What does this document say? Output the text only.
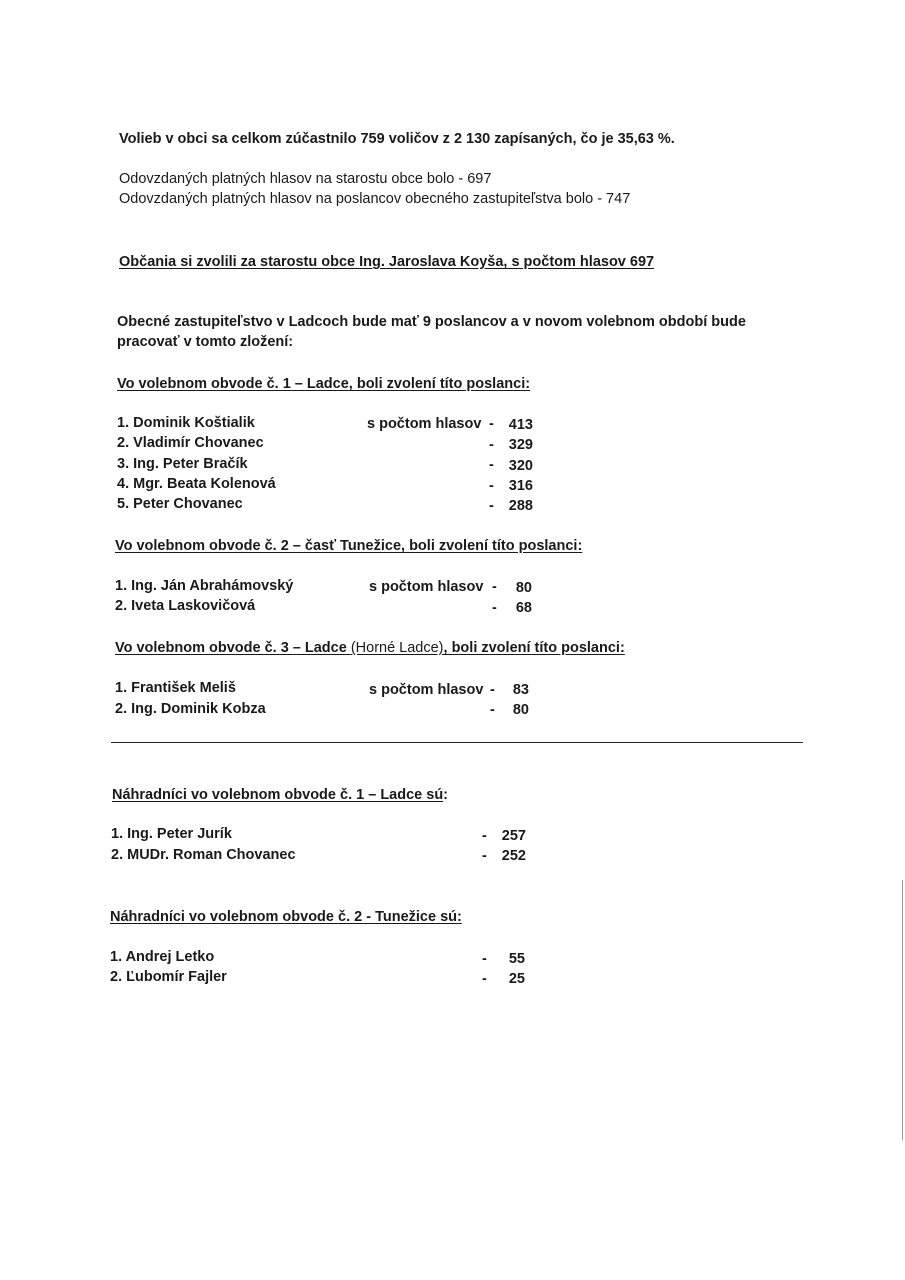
Volieb v obci sa celkom zúčastnilo 759 voličov z 2 130 zapísaných, čo je 35,63 %.
Odovzdaných platných hlasov na starostu obce bolo - 697
Odovzdaných platných hlasov na poslancov obecného zastupiteľstva bolo - 747
Občania si zvolili za starostu obce Ing. Jaroslava Koyša, s počtom hlasov 697
Obecné zastupiteľstvo v Ladcoch bude mať 9 poslancov a v novom volebnom období bude
pracovať v tomto zložení:
Vo volebnom obvode č. 1 – Ladce, boli zvolení títo poslanci:
1. Dominik Koštialik	s počtom hlasov -	413
2. Vladimír Chovanec	-	329
3. Ing. Peter Bračík	-	320
4. Mgr. Beata Kolenová	-	316
5. Peter Chovanec	-	288
Vo volebnom obvode č. 2 – časť Tunežice, boli zvolení títo poslanci:
1. Ing. Ján Abrahámovský	s počtom hlasov -	80
2. Iveta Laskovičová	-	68
Vo volebnom obvode č. 3 – Ladce (Horné Ladce), boli zvolení títo poslanci:
1. František Meliš	s počtom hlasov -	83
2. Ing. Dominik Kobza	-	80
Náhradníci vo volebnom obvode č. 1 – Ladce sú:
1. Ing. Peter Jurík	-	257
2. MUDr. Roman Chovanec	-	252
Náhradníci vo volebnom obvode č. 2 - Tunežice sú:
1. Andrej Letko	-	55
2. Ľubomír Fajler	-	25
